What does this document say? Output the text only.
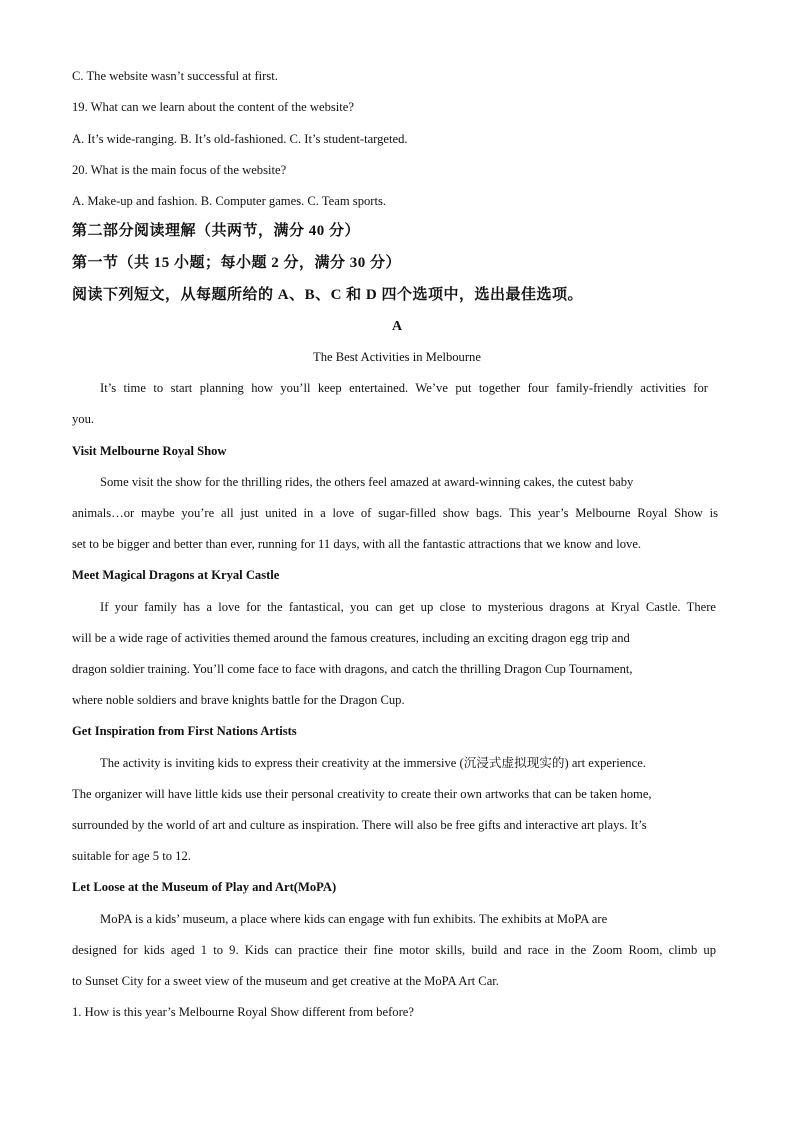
C. The website wasn’t successful at first.
19. What can we learn about the content of the website?
A. It’s wide-ranging. B. It’s old-fashioned. C. It’s student-targeted.
20. What is the main focus of the website?
A. Make-up and fashion. B. Computer games. C. Team sports.
第二部分阅读理解（共两节，满分 40 分）
第一节（共 15 小题；每小题 2 分，满分 30 分）
阅读下列短文，从每题所给的 A、B、C 和 D 四个选项中，选出最佳选项。
A
The Best Activities in Melbourne
It’s time to start planning how you’ll keep entertained. We’ve put together four family-friendly activities for
you.
Visit Melbourne Royal Show
Some visit the show for the thrilling rides, the others feel amazed at award-winning cakes, the cutest baby
animals…or maybe you’re all just united in a love of sugar-filled show bags. This year’s Melbourne Royal Show is
set to be bigger and better than ever, running for 11 days, with all the fantastic attractions that we know and love.
Meet Magical Dragons at Kryal Castle
If your family has a love for the fantastical, you can get up close to mysterious dragons at Kryal Castle. There
will be a wide rage of activities themed around the famous creatures, including an exciting dragon egg trip and
dragon soldier training. You’ll come face to face with dragons, and catch the thrilling Dragon Cup Tournament,
where noble soldiers and brave knights battle for the Dragon Cup.
Get Inspiration from First Nations Artists
The activity is inviting kids to express their creativity at the immersive (沉浸式虚拟现实的) art experience.
The organizer will have little kids use their personal creativity to create their own artworks that can be taken home,
surrounded by the world of art and culture as inspiration. There will also be free gifts and interactive art plays. It’s
suitable for age 5 to 12.
Let Loose at the Museum of Play and Art(MoPA)
MoPA is a kids’ museum, a place where kids can engage with fun exhibits. The exhibits at MoPA are
designed for kids aged 1 to 9. Kids can practice their fine motor skills, build and race in the Zoom Room, climb up
to Sunset City for a sweet view of the museum and get creative at the MoPA Art Car.
1. How is this year’s Melbourne Royal Show different from before?
